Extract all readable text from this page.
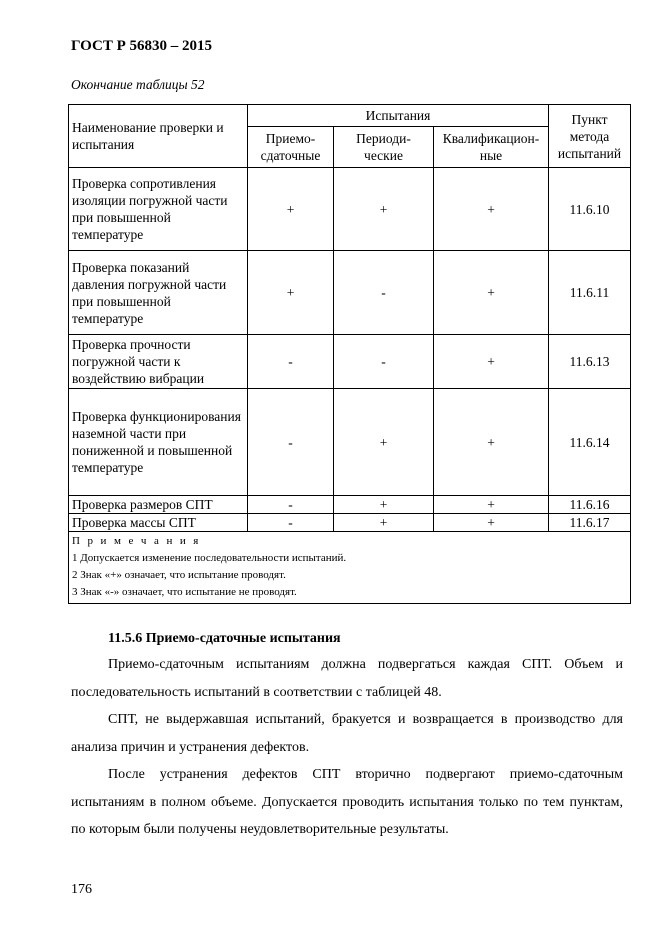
ГОСТ Р 56830 – 2015
Окончание таблицы 52
Наименование проверки и испытания	Испытания			Пункт метода испытаний
	Приемо-сдаточные	Периоди-ческие	Квалификацион-ные	
Проверка сопротивления изоляции погружной части при повышенной температуре	+	+	+	11.6.10
Проверка показаний давления погружной части при повышенной температуре	+	-	+	11.6.11
Проверка прочности погружной части к воздействию вибрации	-	-	+	11.6.13
Проверка функционирования наземной части при пониженной и повышенной температуре	-	+	+	11.6.14
Проверка размеров СПТ	-	+	+	11.6.16
Проверка массы СПТ	-	+	+	11.6.17

П р и м е ч а н и я
1 Допускается изменение последовательности испытаний.
2 Знак «+» означает, что испытание проводят.
3 Знак «-» означает, что испытание не проводят.				
11.5.6 Приемо-сдаточные испытания
Приемо-сдаточным испытаниям должна подвергаться каждая СПТ. Объем и последовательность испытаний в соответствии с таблицей 48.
СПТ, не выдержавшая испытаний, бракуется и возвращается в производство для анализа причин и устранения дефектов.
После устранения дефектов СПТ вторично подвергают приемо-сдаточным испытаниям в полном объеме. Допускается проводить испытания только по тем пунктам, по которым были получены неудовлетворительные результаты.
176
